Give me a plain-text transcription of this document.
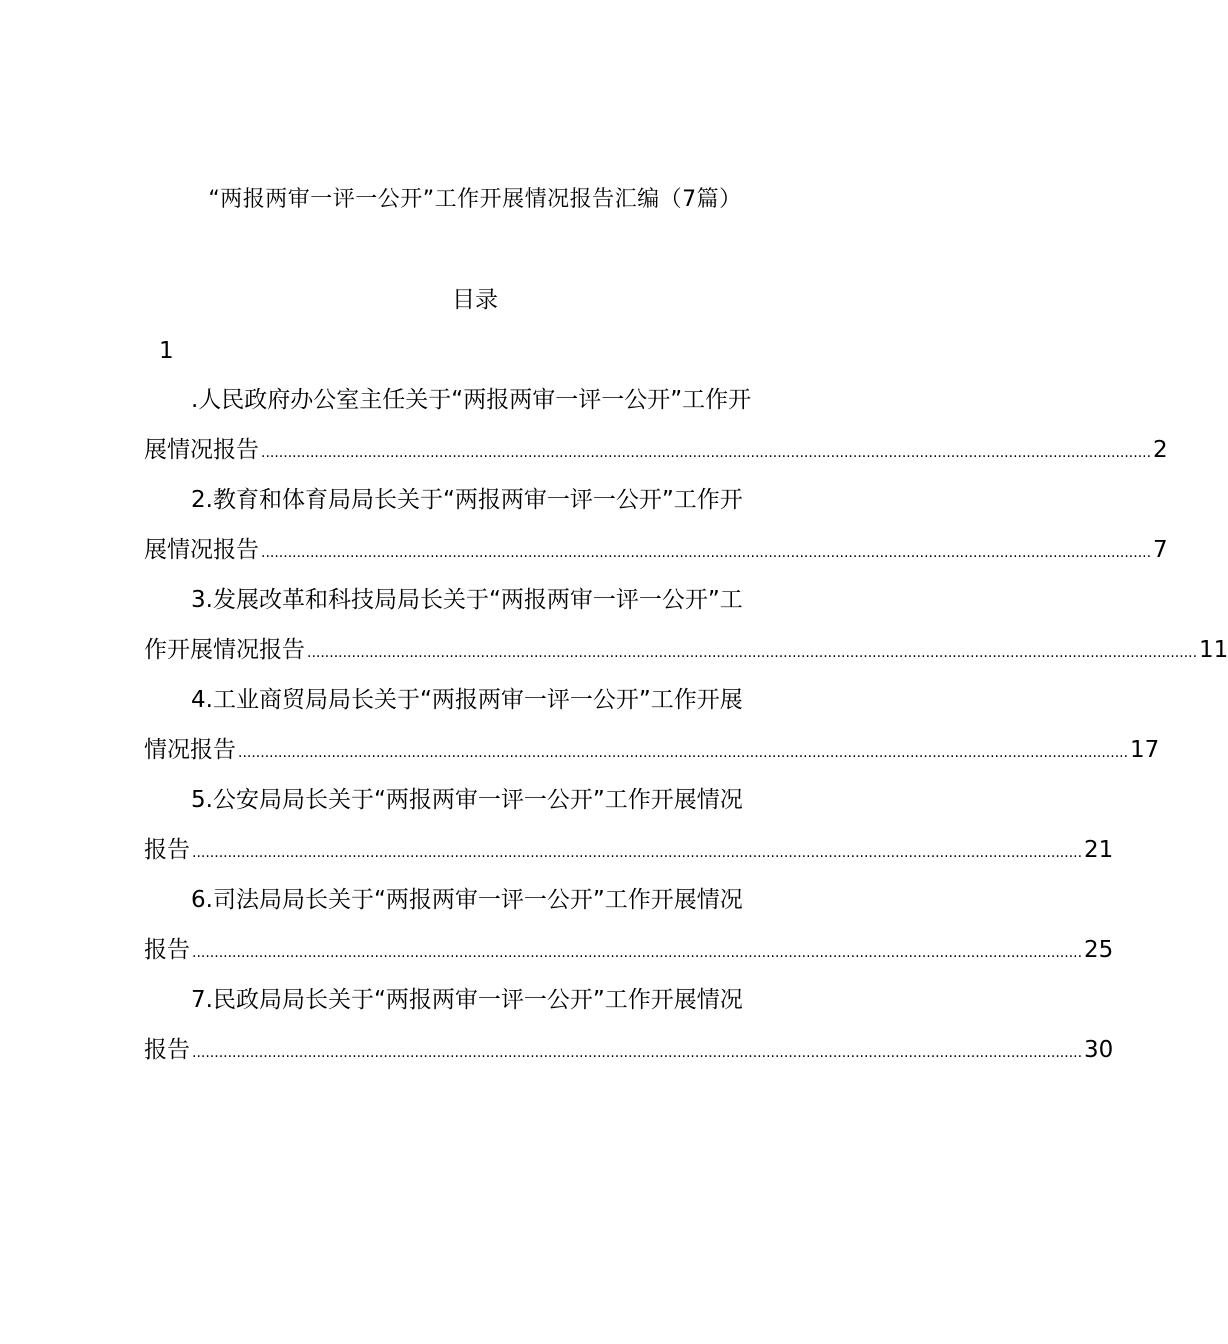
“两报两审一评一公开”工作开展情况报告汇编（7篇）
目录
1
.人民政府办公室主任关于“两报两审一评一公开”工作开
展情况报告 ........................................................................................................................................................................................................ 2
2.教育和体育局局长关于“两报两审一评一公开”工作开
展情况报告 ........................................................................................................................................................................................................ 7
3.发展改革和科技局局长关于“两报两审一评一公开”工
作开展情况报告 ........................................................................................................................................................................................................ 11
4.工业商贸局局长关于“两报两审一评一公开”工作开展
情况报告 ........................................................................................................................................................................................................ 17
5.公安局局长关于“两报两审一评一公开”工作开展情况
报告 ........................................................................................................................................................................................................ 21
6.司法局局长关于“两报两审一评一公开”工作开展情况
报告 ........................................................................................................................................................................................................ 25
7.民政局局长关于“两报两审一评一公开”工作开展情况
报告 ........................................................................................................................................................................................................ 30
